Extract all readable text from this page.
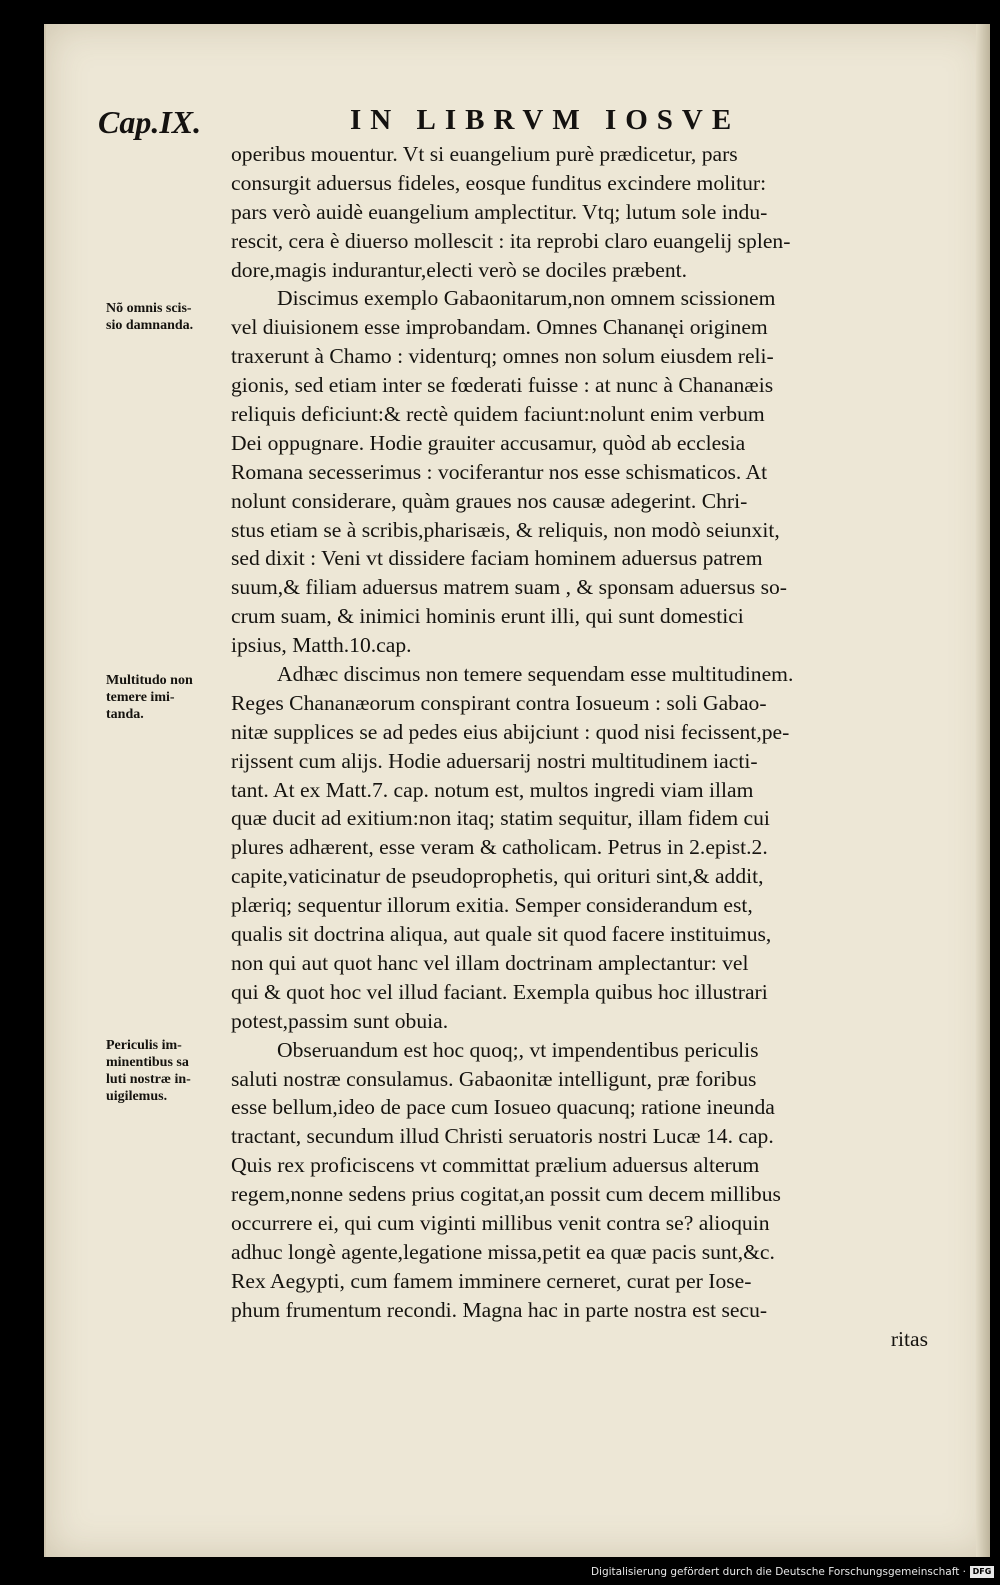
Cap.IX.	IN LIBRVM IOSVE
Nõ omnis scis-
sio damnanda.
Multitudo non
temere imi-
tanda.
Periculis im-
minentibus sa
luti nostræ in-
uigilemus.
operibus mouentur. Vt si euangelium purè prædicetur, pars
consurgit aduersus fideles, eosque funditus excindere molitur:
pars verò auidè euangelium amplectitur. Vtq; lutum sole indu-
rescit, cera è diuerso mollescit : ita reprobi claro euangelij splen-
dore,magis indurantur,electi verò se dociles præbent.
Discimus exemplo Gabaonitarum,non omnem scissionem
vel diuisionem esse improbandam. Omnes Chananęi originem
traxerunt à Chamo : videnturq; omnes non solum eiusdem reli-
gionis, sed etiam inter se fœderati fuisse : at nunc à Chananæis
reliquis deficiunt:& rectè quidem faciunt:nolunt enim verbum
Dei oppugnare. Hodie grauiter accusamur, quòd ab ecclesia
Romana secesserimus : vociferantur nos esse schismaticos. At
nolunt considerare, quàm graues nos causæ adegerint. Chri-
stus etiam se à scribis,pharisæis, & reliquis, non modò seiunxit,
sed dixit : Veni vt dissidere faciam hominem aduersus patrem
suum,& filiam aduersus matrem suam , & sponsam aduersus so-
crum suam, & inimici hominis erunt illi, qui sunt domestici
ipsius, Matth.10.cap.
Adhæc discimus non temere sequendam esse multitudinem.
Reges Chananæorum conspirant contra Iosueum : soli Gabao-
nitæ supplices se ad pedes eius abijciunt : quod nisi fecissent,pe-
rijssent cum alijs. Hodie aduersarij nostri multitudinem iacti-
tant. At ex Matt.7. cap. notum est, multos ingredi viam illam
quæ ducit ad exitium:non itaq; statim sequitur, illam fidem cui
plures adhærent, esse veram & catholicam. Petrus in 2.epist.2.
capite,vaticinatur de pseudoprophetis, qui orituri sint,& addit,
plæriq; sequentur illorum exitia. Semper considerandum est,
qualis sit doctrina aliqua, aut quale sit quod facere instituimus,
non qui aut quot hanc vel illam doctrinam amplectantur: vel
qui & quot hoc vel illud faciant. Exempla quibus hoc illustrari
potest,passim sunt obuia.
Obseruandum est hoc quoq;, vt impendentibus periculis
saluti nostræ consulamus. Gabaonitæ intelligunt, præ foribus
esse bellum,ideo de pace cum Iosueo quacunq; ratione ineunda
tractant, secundum illud Christi seruatoris nostri Lucæ 14. cap.
Quis rex proficiscens vt committat prælium aduersus alterum
regem,nonne sedens prius cogitat,an possit cum decem millibus
occurrere ei, qui cum viginti millibus venit contra se? alioquin
adhuc longè agente,legatione missa,petit ea quæ pacis sunt,&c.
Rex Aegypti, cum famem imminere cerneret, curat per Iose-
phum frumentum recondi. Magna hac in parte nostra est secu-
ritas
Digitalisierung gefördert durch die Deutsche Forschungsgemeinschaft · DFG
